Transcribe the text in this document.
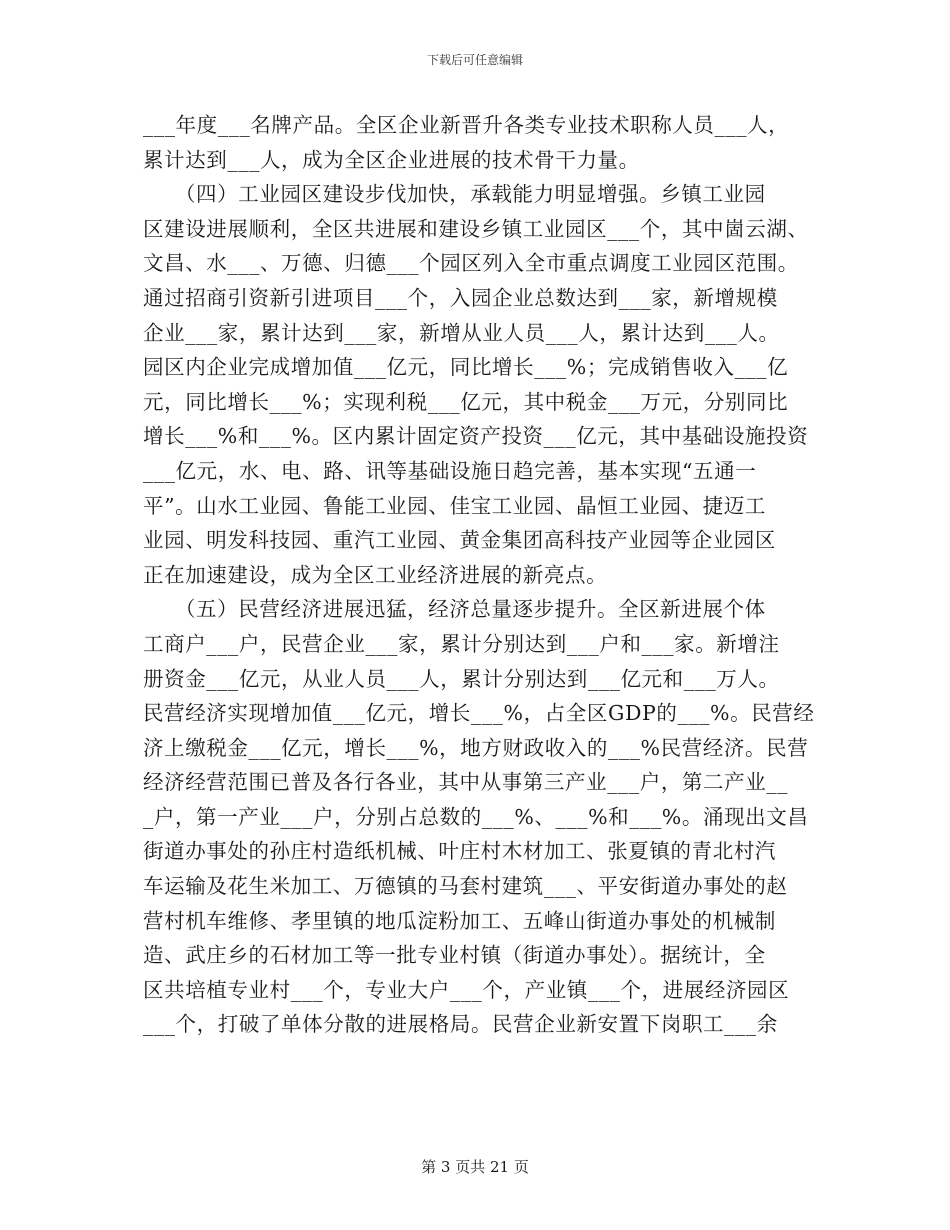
下载后可任意编辑
___年度___名牌产品。全区企业新晋升各类专业技术职称人员___人，
累计达到___人，成为全区企业进展的技术骨干力量。
　　（四）工业园区建设步伐加快，承载能力明显增强。乡镇工业园
区建设进展顺利，全区共进展和建设乡镇工业园区___个，其中崮云湖、
文昌、水___、万德、归德___个园区列入全市重点调度工业园区范围。
通过招商引资新引进项目___个，入园企业总数达到___家，新增规模
企业___家，累计达到___家，新增从业人员___人，累计达到___人。
园区内企业完成增加值___亿元，同比增长___%；完成销售收入___亿
元，同比增长___%；实现利税___亿元，其中税金___万元，分别同比
增长___%和___%。区内累计固定资产投资___亿元，其中基础设施投资
___亿元，水、电、路、讯等基础设施日趋完善，基本实现“五通一
平”。山水工业园、鲁能工业园、佳宝工业园、晶恒工业园、捷迈工
业园、明发科技园、重汽工业园、黄金集团高科技产业园等企业园区
正在加速建设，成为全区工业经济进展的新亮点。
　　（五）民营经济进展迅猛，经济总量逐步提升。全区新进展个体
工商户___户，民营企业___家，累计分别达到___户和___家。新增注
册资金___亿元，从业人员___人，累计分别达到___亿元和___万人。
民营经济实现增加值___亿元，增长___%，占全区GDP的___%。民营经
济上缴税金___亿元，增长___%，地方财政收入的___%民营经济。民营
经济经营范围已普及各行各业，其中从事第三产业___户，第二产业__
_户，第一产业___户，分别占总数的___%、___%和___%。涌现出文昌
街道办事处的孙庄村造纸机械、叶庄村木材加工、张夏镇的青北村汽
车运输及花生米加工、万德镇的马套村建筑___、平安街道办事处的赵
营村机车维修、孝里镇的地瓜淀粉加工、五峰山街道办事处的机械制
造、武庄乡的石材加工等一批专业村镇（街道办事处）。据统计，全
区共培植专业村___个，专业大户___个，产业镇___个，进展经济园区
___个，打破了单体分散的进展格局。民营企业新安置下岗职工___余
第 3 页共 21 页
